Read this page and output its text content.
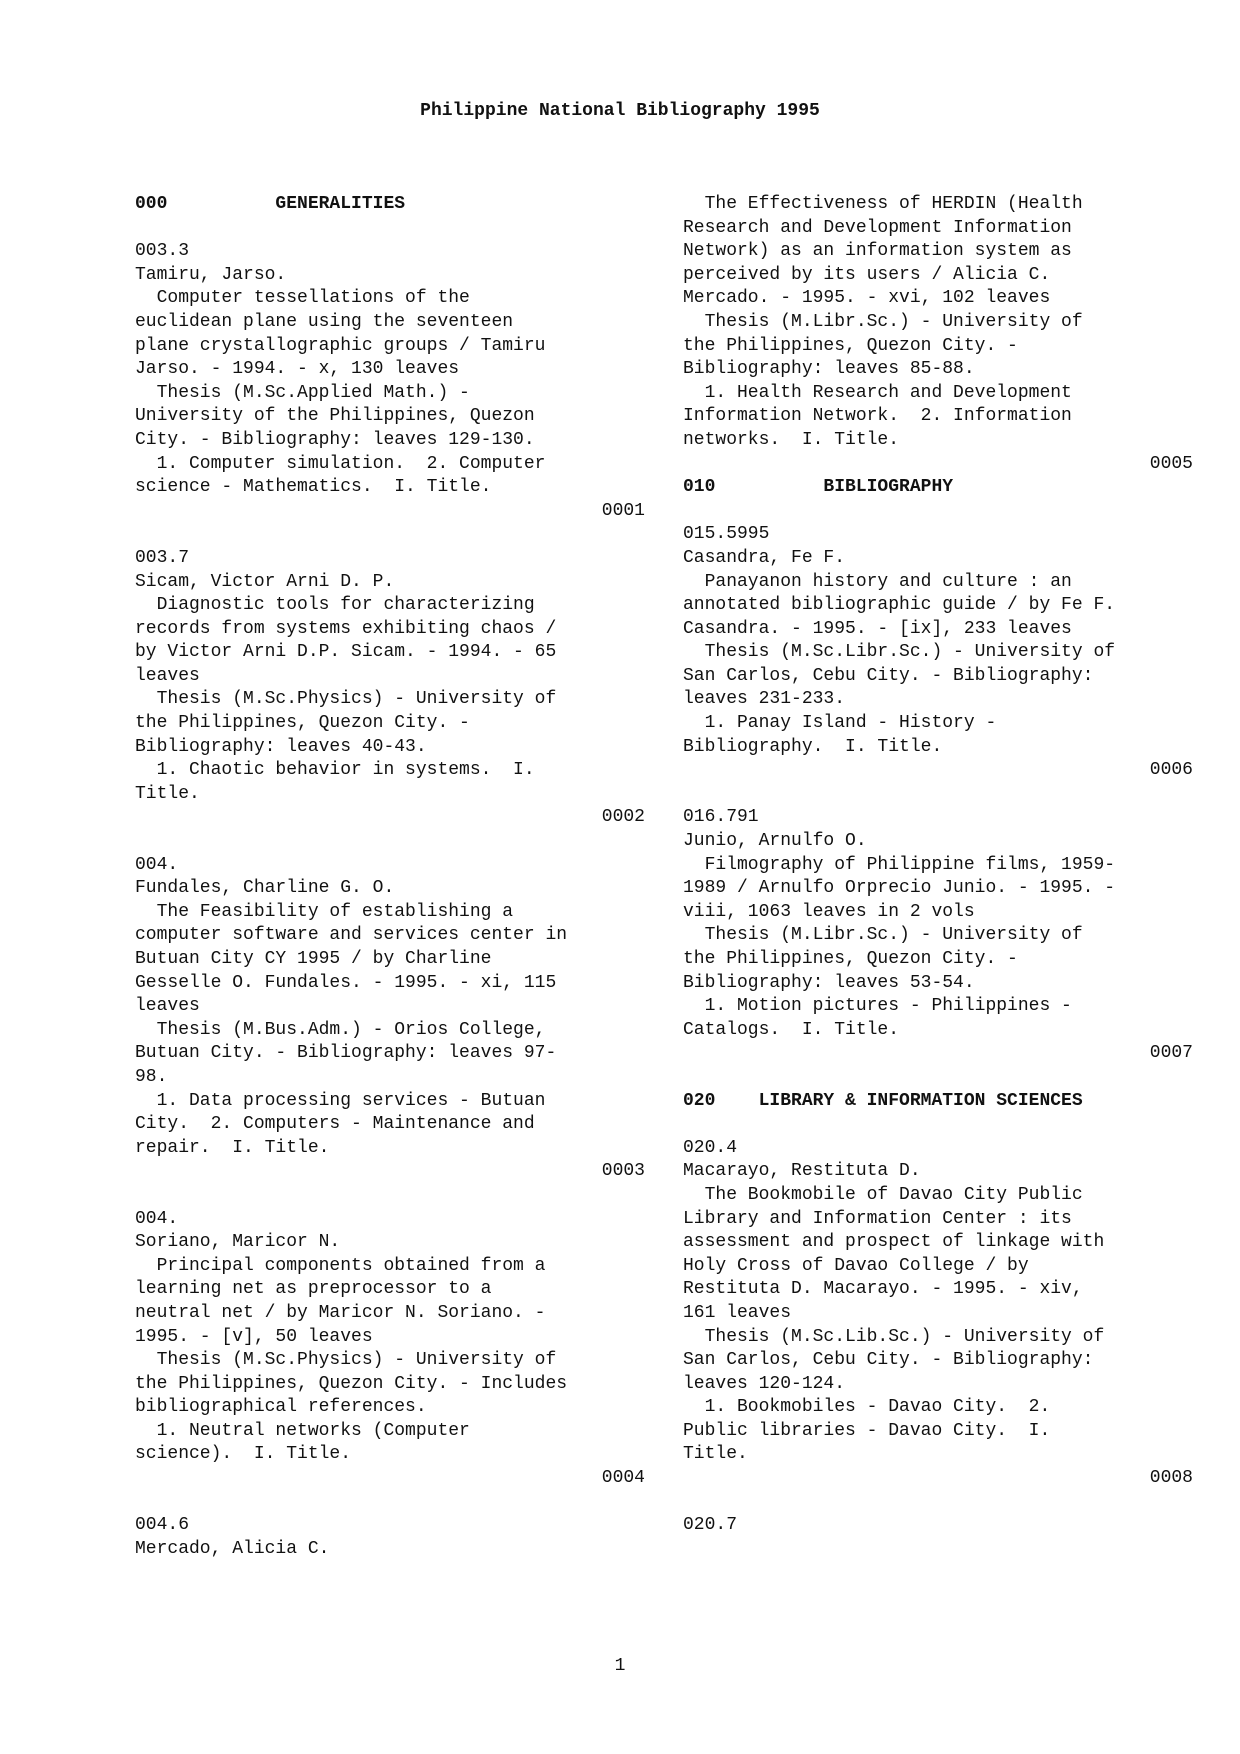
Philippine National Bibliography 1995
000          GENERALITIES
003.3
Tamiru, Jarso.
Computer tessellations of the
euclidean plane using the seventeen
plane crystallographic groups / Tamiru
Jarso. - 1994. - x, 130 leaves
Thesis (M.Sc.Applied Math.) -
University of the Philippines, Quezon
City. - Bibliography: leaves 129-130.
1. Computer simulation.  2. Computer
science - Mathematics.  I. Title.
0001
003.7
Sicam, Victor Arni D. P.
Diagnostic tools for characterizing
records from systems exhibiting chaos /
by Victor Arni D.P. Sicam. - 1994. - 65
leaves
Thesis (M.Sc.Physics) - University of
the Philippines, Quezon City. -
Bibliography: leaves 40-43.
1. Chaotic behavior in systems.  I.
Title.
0002
004.
Fundales, Charline G. O.
The Feasibility of establishing a
computer software and services center in
Butuan City CY 1995 / by Charline
Gesselle O. Fundales. - 1995. - xi, 115
leaves
Thesis (M.Bus.Adm.) - Orios College,
Butuan City. - Bibliography: leaves 97-
98.
1. Data processing services - Butuan
City.  2. Computers - Maintenance and
repair.  I. Title.
0003
004.
Soriano, Maricor N.
Principal components obtained from a
learning net as preprocessor to a
neutral net / by Maricor N. Soriano. -
1995. - [v], 50 leaves
Thesis (M.Sc.Physics) - University of
the Philippines, Quezon City. - Includes
bibliographical references.
1. Neutral networks (Computer
science).  I. Title.
0004
004.6
Mercado, Alicia C.
The Effectiveness of HERDIN (Health
Research and Development Information
Network) as an information system as
perceived by its users / Alicia C.
Mercado. - 1995. - xvi, 102 leaves
Thesis (M.Libr.Sc.) - University of
the Philippines, Quezon City. -
Bibliography: leaves 85-88.
1. Health Research and Development
Information Network.  2. Information
networks.  I. Title.
0005
010          BIBLIOGRAPHY
015.5995
Casandra, Fe F.
Panayanon history and culture : an
annotated bibliographic guide / by Fe F.
Casandra. - 1995. - [ix], 233 leaves
Thesis (M.Sc.Libr.Sc.) - University of
San Carlos, Cebu City. - Bibliography:
leaves 231-233.
1. Panay Island - History -
Bibliography.  I. Title.
0006
016.791
Junio, Arnulfo O.
Filmography of Philippine films, 1959-
1989 / Arnulfo Orprecio Junio. - 1995. -
viii, 1063 leaves in 2 vols
Thesis (M.Libr.Sc.) - University of
the Philippines, Quezon City. -
Bibliography: leaves 53-54.
1. Motion pictures - Philippines -
Catalogs.  I. Title.
0007
020    LIBRARY & INFORMATION SCIENCES
020.4
Macarayo, Restituta D.
The Bookmobile of Davao City Public
Library and Information Center : its
assessment and prospect of linkage with
Holy Cross of Davao College / by
Restituta D. Macarayo. - 1995. - xiv,
161 leaves
Thesis (M.Sc.Lib.Sc.) - University of
San Carlos, Cebu City. - Bibliography:
leaves 120-124.
1. Bookmobiles - Davao City.  2.
Public libraries - Davao City.  I.
Title.
0008
020.7
1
